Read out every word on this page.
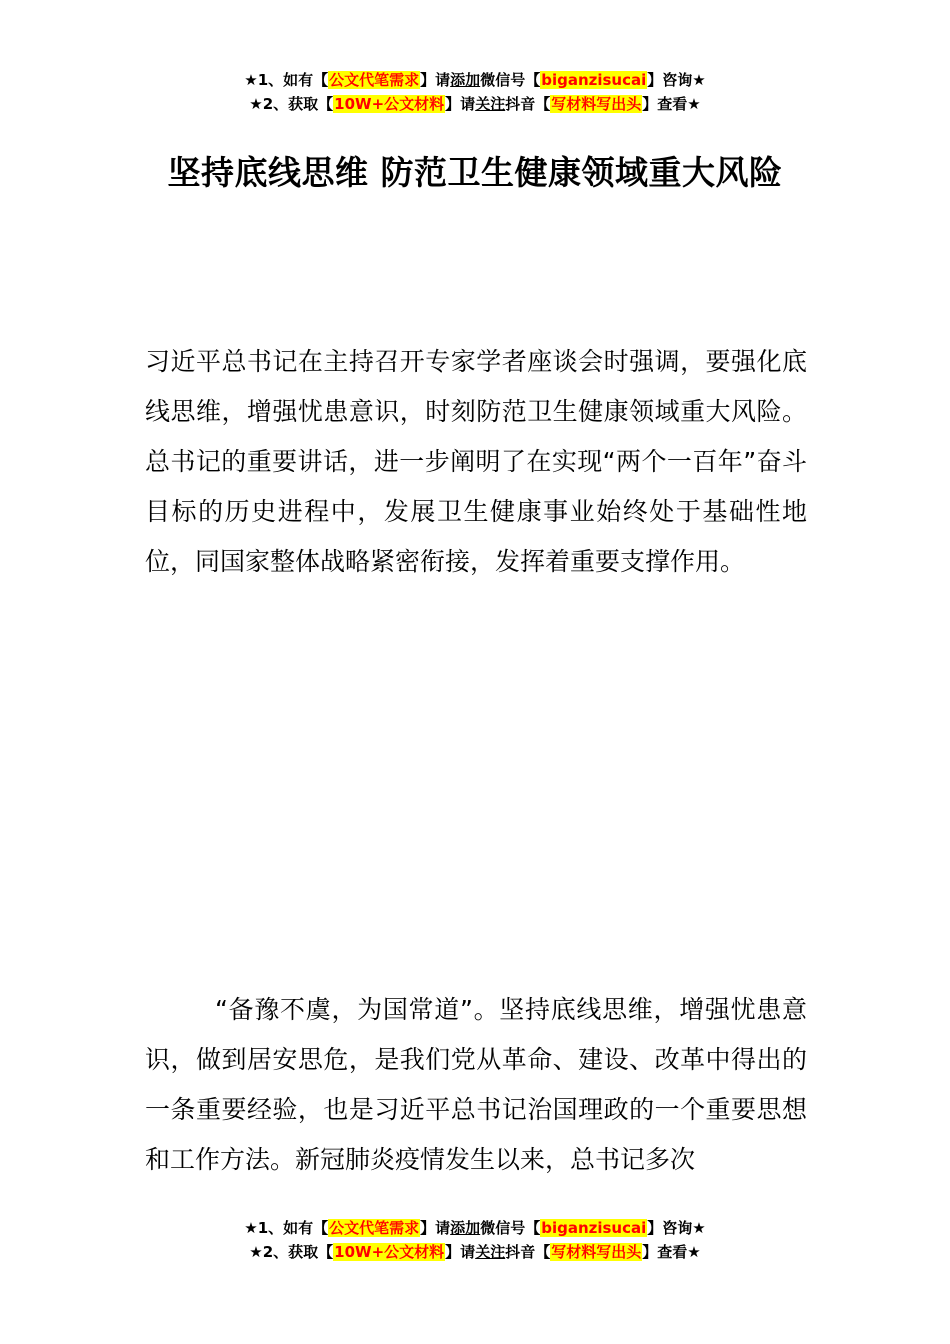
★1、如有【公文代笔需求】请添加微信号【biganzisucai】咨询★
★2、获取【10W+公文材料】请关注抖音【写材料写出头】查看★
坚持底线思维 防范卫生健康领域重大风险

习近平总书记在主持召开专家学者座谈会时强调，要强化底线思维，增强忧患意识，时刻防范卫生健康领域重大风险。总书记的重要讲话，进一步阐明了在实现“两个一百年”奋斗目标的历史进程中，发展卫生健康事业始终处于基础性地位，同国家整体战略紧密衔接，发挥着重要支撑作用。

“备豫不虞，为国常道”。坚持底线思维，增强忧患意识，做到居安思危，是我们党从革命、建设、改革中得出的一条重要经验，也是习近平总书记治国理政的一个重要思想和工作方法。新冠肺炎疫情发生以来，总书记多次

★1、如有【公文代笔需求】请添加微信号【biganzisucai】咨询★
★2、获取【10W+公文材料】请关注抖音【写材料写出头】查看★
